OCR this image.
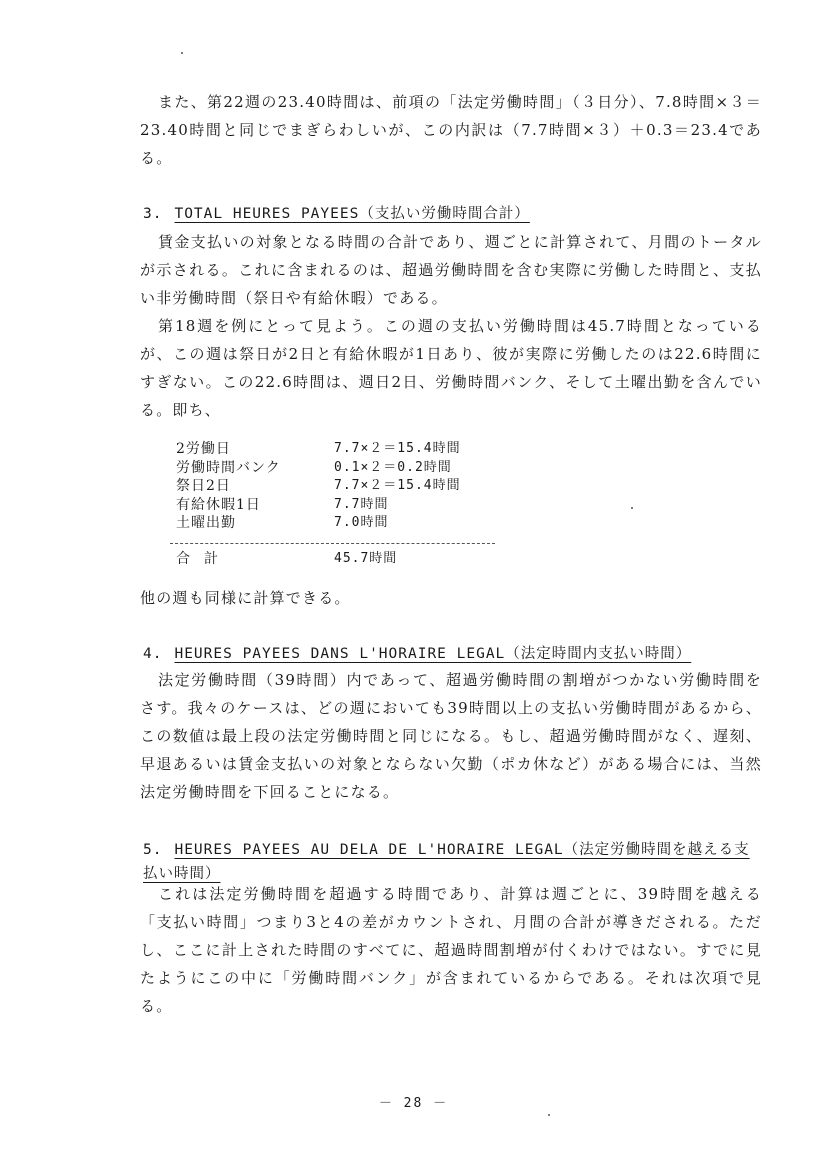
また、第22週の23.40時間は、前項の「法定労働時間」（３日分）、7.8時間×３＝23.40時間と同じでまぎらわしいが、この内訳は（7.7時間×３）＋0.3＝23.4である。
3. TOTAL HEURES PAYEES（支払い労働時間合計）
賃金支払いの対象となる時間の合計であり、週ごとに計算されて、月間のトータルが示される。これに含まれるのは、超過労働時間を含む実際に労働した時間と、支払い非労働時間（祭日や有給休暇）である。
第18週を例にとって見よう。この週の支払い労働時間は45.7時間となっているが、この週は祭日が2日と有給休暇が1日あり、彼が実際に労働したのは22.6時間にすぎない。この22.6時間は、週日2日、労働時間バンク、そして土曜出勤を含んでいる。即ち、
2労働日	7.7×２＝15.4時間
労働時間バンク	0.1×２＝0.2時間
祭日2日	7.7×２＝15.4時間
有給休暇1日	7.7時間
土曜出勤	7.0時間
合計	45.7時間
他の週も同様に計算できる。
4. HEURES PAYEES DANS L'HORAIRE LEGAL（法定時間内支払い時間）
法定労働時間（39時間）内であって、超過労働時間の割増がつかない労働時間をさす。我々のケースは、どの週においても39時間以上の支払い労働時間があるから、この数値は最上段の法定労働時間と同じになる。もし、超過労働時間がなく、遅刻、早退あるいは賃金支払いの対象とならない欠勤（ポカ休など）がある場合には、当然法定労働時間を下回ることになる。
5. HEURES PAYEES AU DELA DE L'HORAIRE LEGAL（法定労働時間を越える支払い時間）
これは法定労働時間を超過する時間であり、計算は週ごとに、39時間を越える「支払い時間」つまり3と4の差がカウントされ、月間の合計が導きだされる。ただし、ここに計上された時間のすべてに、超過時間割増が付くわけではない。すでに見たようにこの中に「労働時間バンク」が含まれているからである。それは次項で見る。
－ 28 －
